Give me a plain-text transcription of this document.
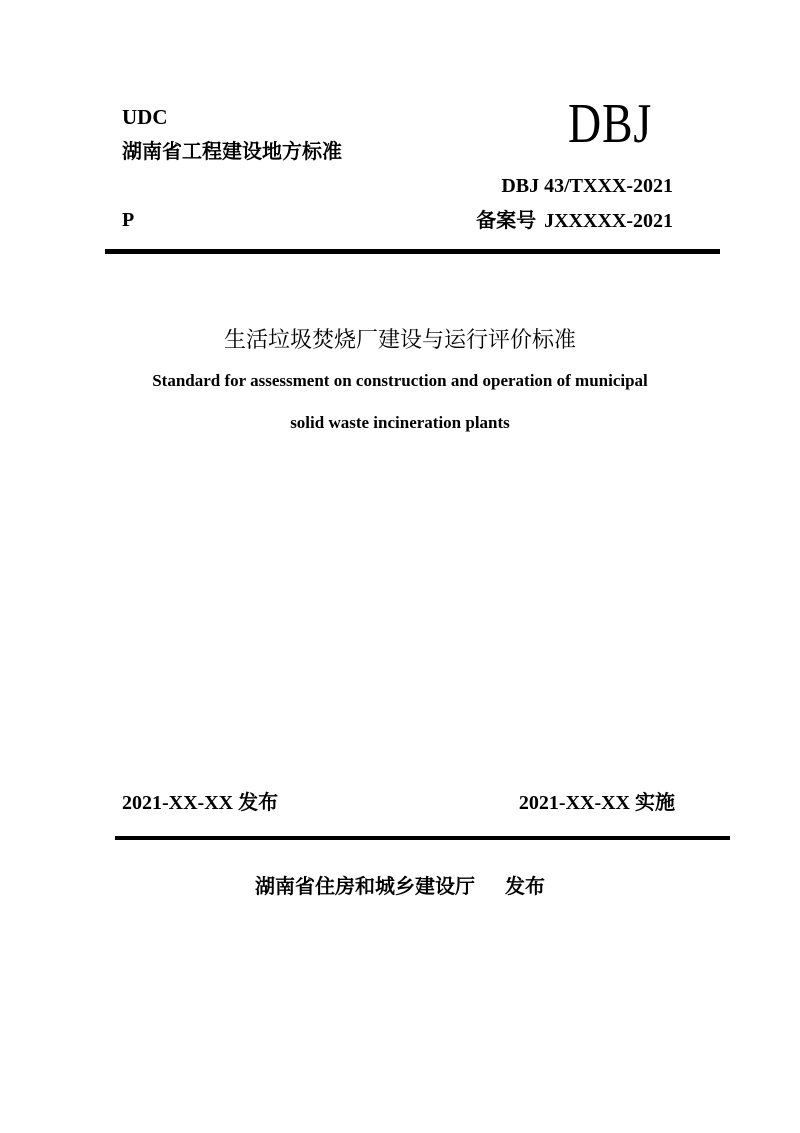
UDC
湖南省工程建设地方标准	DBJ
DBJ 43/TXXX-2021
P	备案号 JXXXXX-2021
生活垃圾焚烧厂建设与运行评价标准
Standard for assessment on construction and operation of municipal
solid waste incineration plants
2021-XX-XX 发布	2021-XX-XX 实施
湖南省住房和城乡建设厅 发布
